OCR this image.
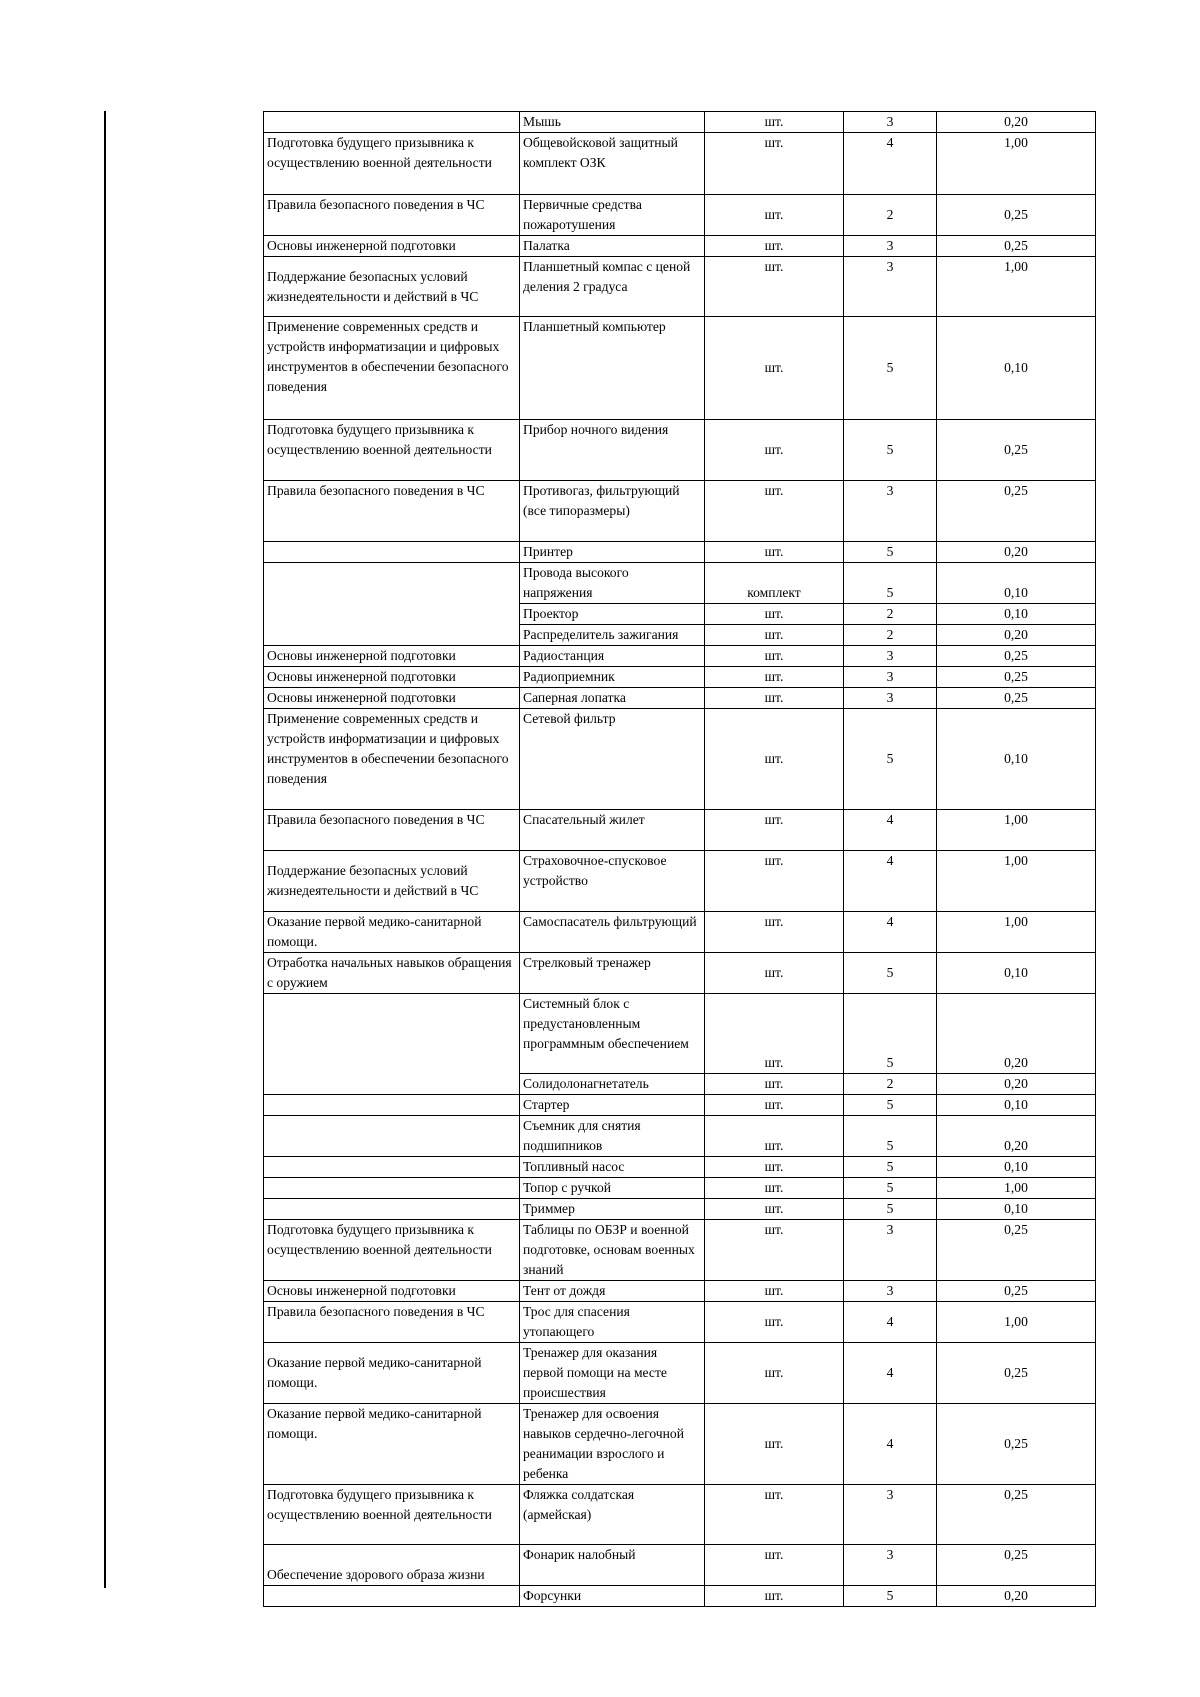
	Мышь	шт.	3	0,20
Подготовка будущего призывника к осуществлению военной деятельности	Общевойсковой защитный комплект ОЗК	шт.	4	1,00
Правила безопасного поведения в ЧС	Первичные средства пожаротушения	шт.	2	0,25
Основы инженерной подготовки	Палатка	шт.	3	0,25
Поддержание безопасных условий жизнедеятельности и действий в ЧС	Планшетный компас с ценой деления 2 градуса	шт.	3	1,00
Применение современных средств и устройств информатизации и цифровых инструментов в обеспечении безопасного поведения	Планшетный компьютер	шт.	5	0,10
Подготовка будущего призывника к осуществлению военной деятельности	Прибор ночного видения	шт.	5	0,25
Правила безопасного поведения в ЧС	Противогаз, фильтрующий (все типоразмеры)	шт.	3	0,25
	Принтер	шт.	5	0,20
	Провода высокого напряжения	комплект	5	0,10
	Проектор	шт.	2	0,10
	Распределитель зажигания	шт.	2	0,20
Основы инженерной подготовки	Радиостанция	шт.	3	0,25
Основы инженерной подготовки	Радиоприемник	шт.	3	0,25
Основы инженерной подготовки	Саперная лопатка	шт.	3	0,25
Применение современных средств и устройств информатизации и цифровых инструментов в обеспечении безопасного поведения	Сетевой фильтр	шт.	5	0,10
Правила безопасного поведения в ЧС	Спасательный жилет	шт.	4	1,00
Поддержание безопасных условий жизнедеятельности и действий в ЧС	Страховочное-спусковое устройство	шт.	4	1,00
Оказание первой медико-санитарной помощи.	Самоспасатель фильтрующий	шт.	4	1,00
Отработка начальных навыков обращения с оружием	Стрелковый тренажер	шт.	5	0,10
	Системный блок с предустановленным программным обеспечением	шт.	5	0,20
	Солидолонагнетатель	шт.	2	0,20
	Стартер	шт.	5	0,10
	Съемник для снятия подшипников	шт.	5	0,20
	Топливный насос	шт.	5	0,10
	Топор с ручкой	шт.	5	1,00
	Триммер	шт.	5	0,10
Подготовка будущего призывника к осуществлению военной деятельности	Таблицы по ОБЗР и военной подготовке, основам военных знаний	шт.	3	0,25
Основы инженерной подготовки	Тент от дождя	шт.	3	0,25
Правила безопасного поведения в ЧС	Трос для спасения утопающего	шт.	4	1,00
Оказание первой медико-санитарной помощи.	Тренажер для оказания первой помощи на месте происшествия	шт.	4	0,25
Оказание первой медико-санитарной помощи.	Тренажер для освоения навыков сердечно-легочной реанимации взрослого и ребенка	шт.	4	0,25
Подготовка будущего призывника к осуществлению военной деятельности	Фляжка солдатская (армейская)	шт.	3	0,25
Обеспечение здорового образа жизни	Фонарик налобный	шт.	3	0,25
	Форсунки	шт.	5	0,20
